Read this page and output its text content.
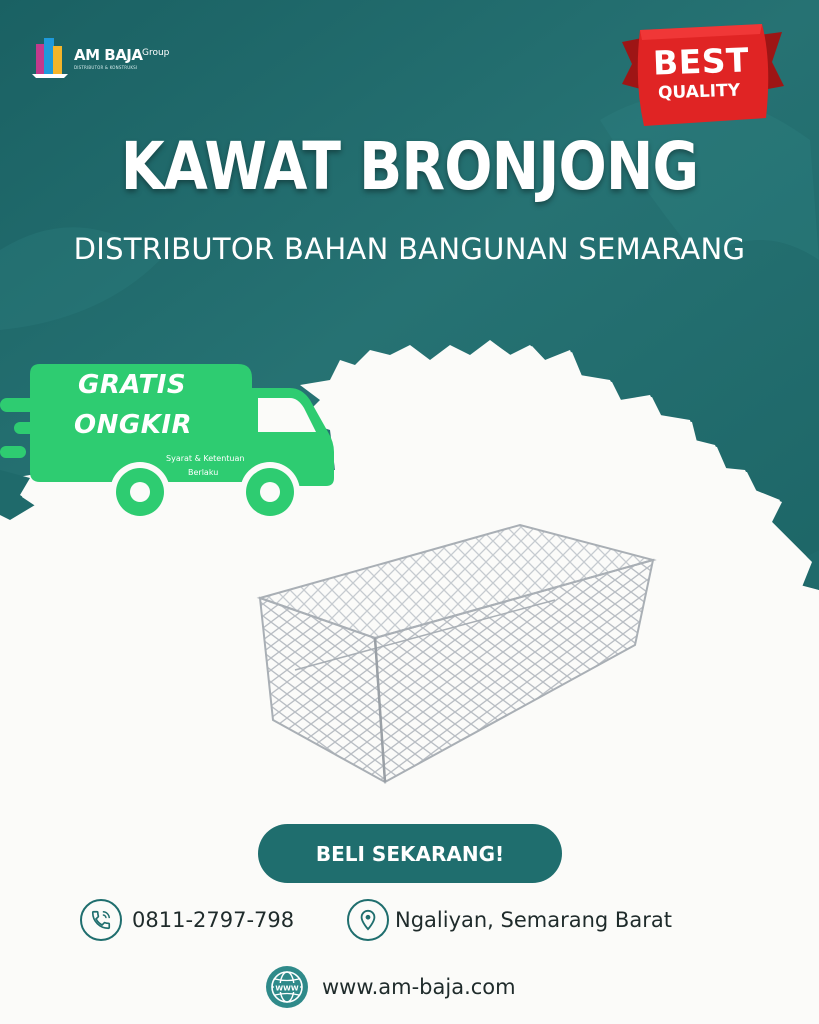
AM BAJA Group
DISTRIBUTOR & KONSTRUKSI	BEST
QUALITY
KAWAT BRONJONG
DISTRIBUTOR BAHAN BANGUNAN SEMARANG
GRATIS
ONGKIR
Syarat & Ketentuan
Berlaku
BELI SEKARANG!
0811-2797-798	Ngaliyan, Semarang Barat
WWW www.am-baja.com
